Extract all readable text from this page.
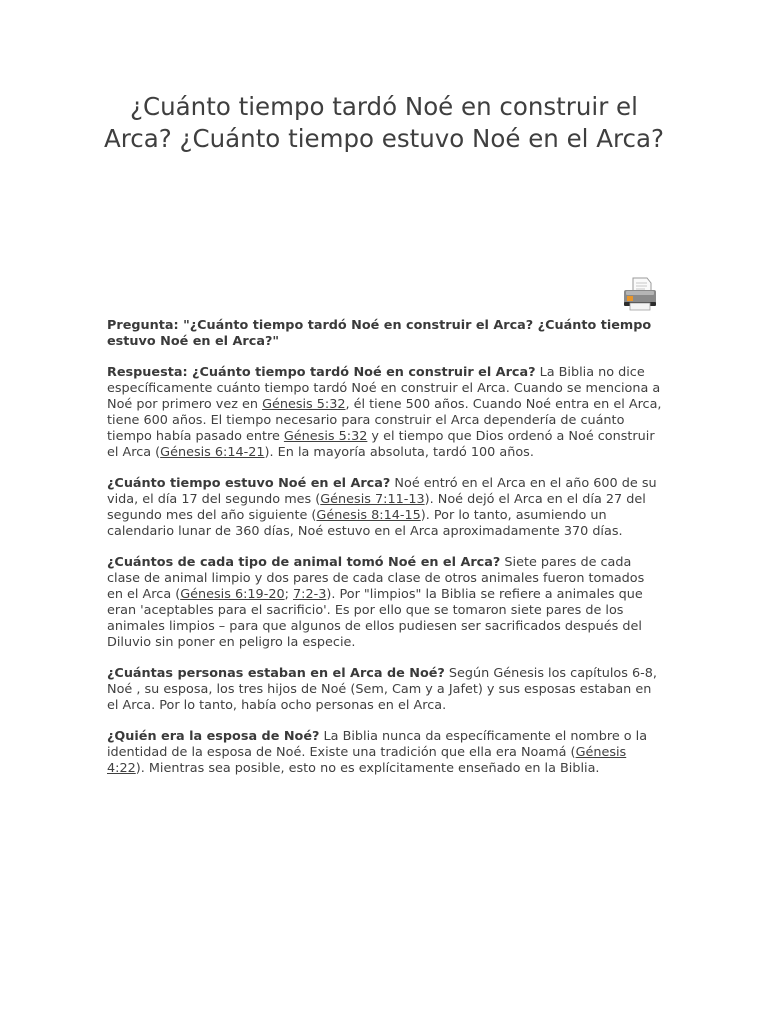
¿Cuánto tiempo tardó Noé en construir el Arca? ¿Cuánto tiempo estuvo Noé en el Arca?

Pregunta: "¿Cuánto tiempo tardó Noé en construir el Arca? ¿Cuánto tiempo estuvo Noé en el Arca?"

Respuesta: ¿Cuánto tiempo tardó Noé en construir el Arca? La Biblia no dice específicamente cuánto tiempo tardó Noé en construir el Arca. Cuando se menciona a Noé por primero vez en Génesis 5:32, él tiene 500 años. Cuando Noé entra en el Arca, tiene 600 años. El tiempo necesario para construir el Arca dependería de cuánto tiempo había pasado entre Génesis 5:32 y el tiempo que Dios ordenó a Noé construir el Arca (Génesis 6:14-21). En la mayoría absoluta, tardó 100 años.

¿Cuánto tiempo estuvo Noé en el Arca? Noé entró en el Arca en el año 600 de su vida, el día 17 del segundo mes (Génesis 7:11-13). Noé dejó el Arca en el día 27 del segundo mes del año siguiente (Génesis 8:14-15). Por lo tanto, asumiendo un calendario lunar de 360 días, Noé estuvo en el Arca aproximadamente 370 días.

¿Cuántos de cada tipo de animal tomó Noé en el Arca? Siete pares de cada clase de animal limpio y dos pares de cada clase de otros animales fueron tomados en el Arca (Génesis 6:19-20; 7:2-3). Por "limpios" la Biblia se refiere a animales que eran 'aceptables para el sacrificio'. Es por ello que se tomaron siete pares de los animales limpios – para que algunos de ellos pudiesen ser sacrificados después del Diluvio sin poner en peligro la especie.

¿Cuántas personas estaban en el Arca de Noé? Según Génesis los capítulos 6-8, Noé , su esposa, los tres hijos de Noé (Sem, Cam y a Jafet) y sus esposas estaban en el Arca. Por lo tanto, había ocho personas en el Arca.

¿Quién era la esposa de Noé? La Biblia nunca da específicamente el nombre o la identidad de la esposa de Noé. Existe una tradición que ella era Noamá (Génesis 4:22). Mientras sea posible, esto no es explícitamente enseñado en la Biblia.
